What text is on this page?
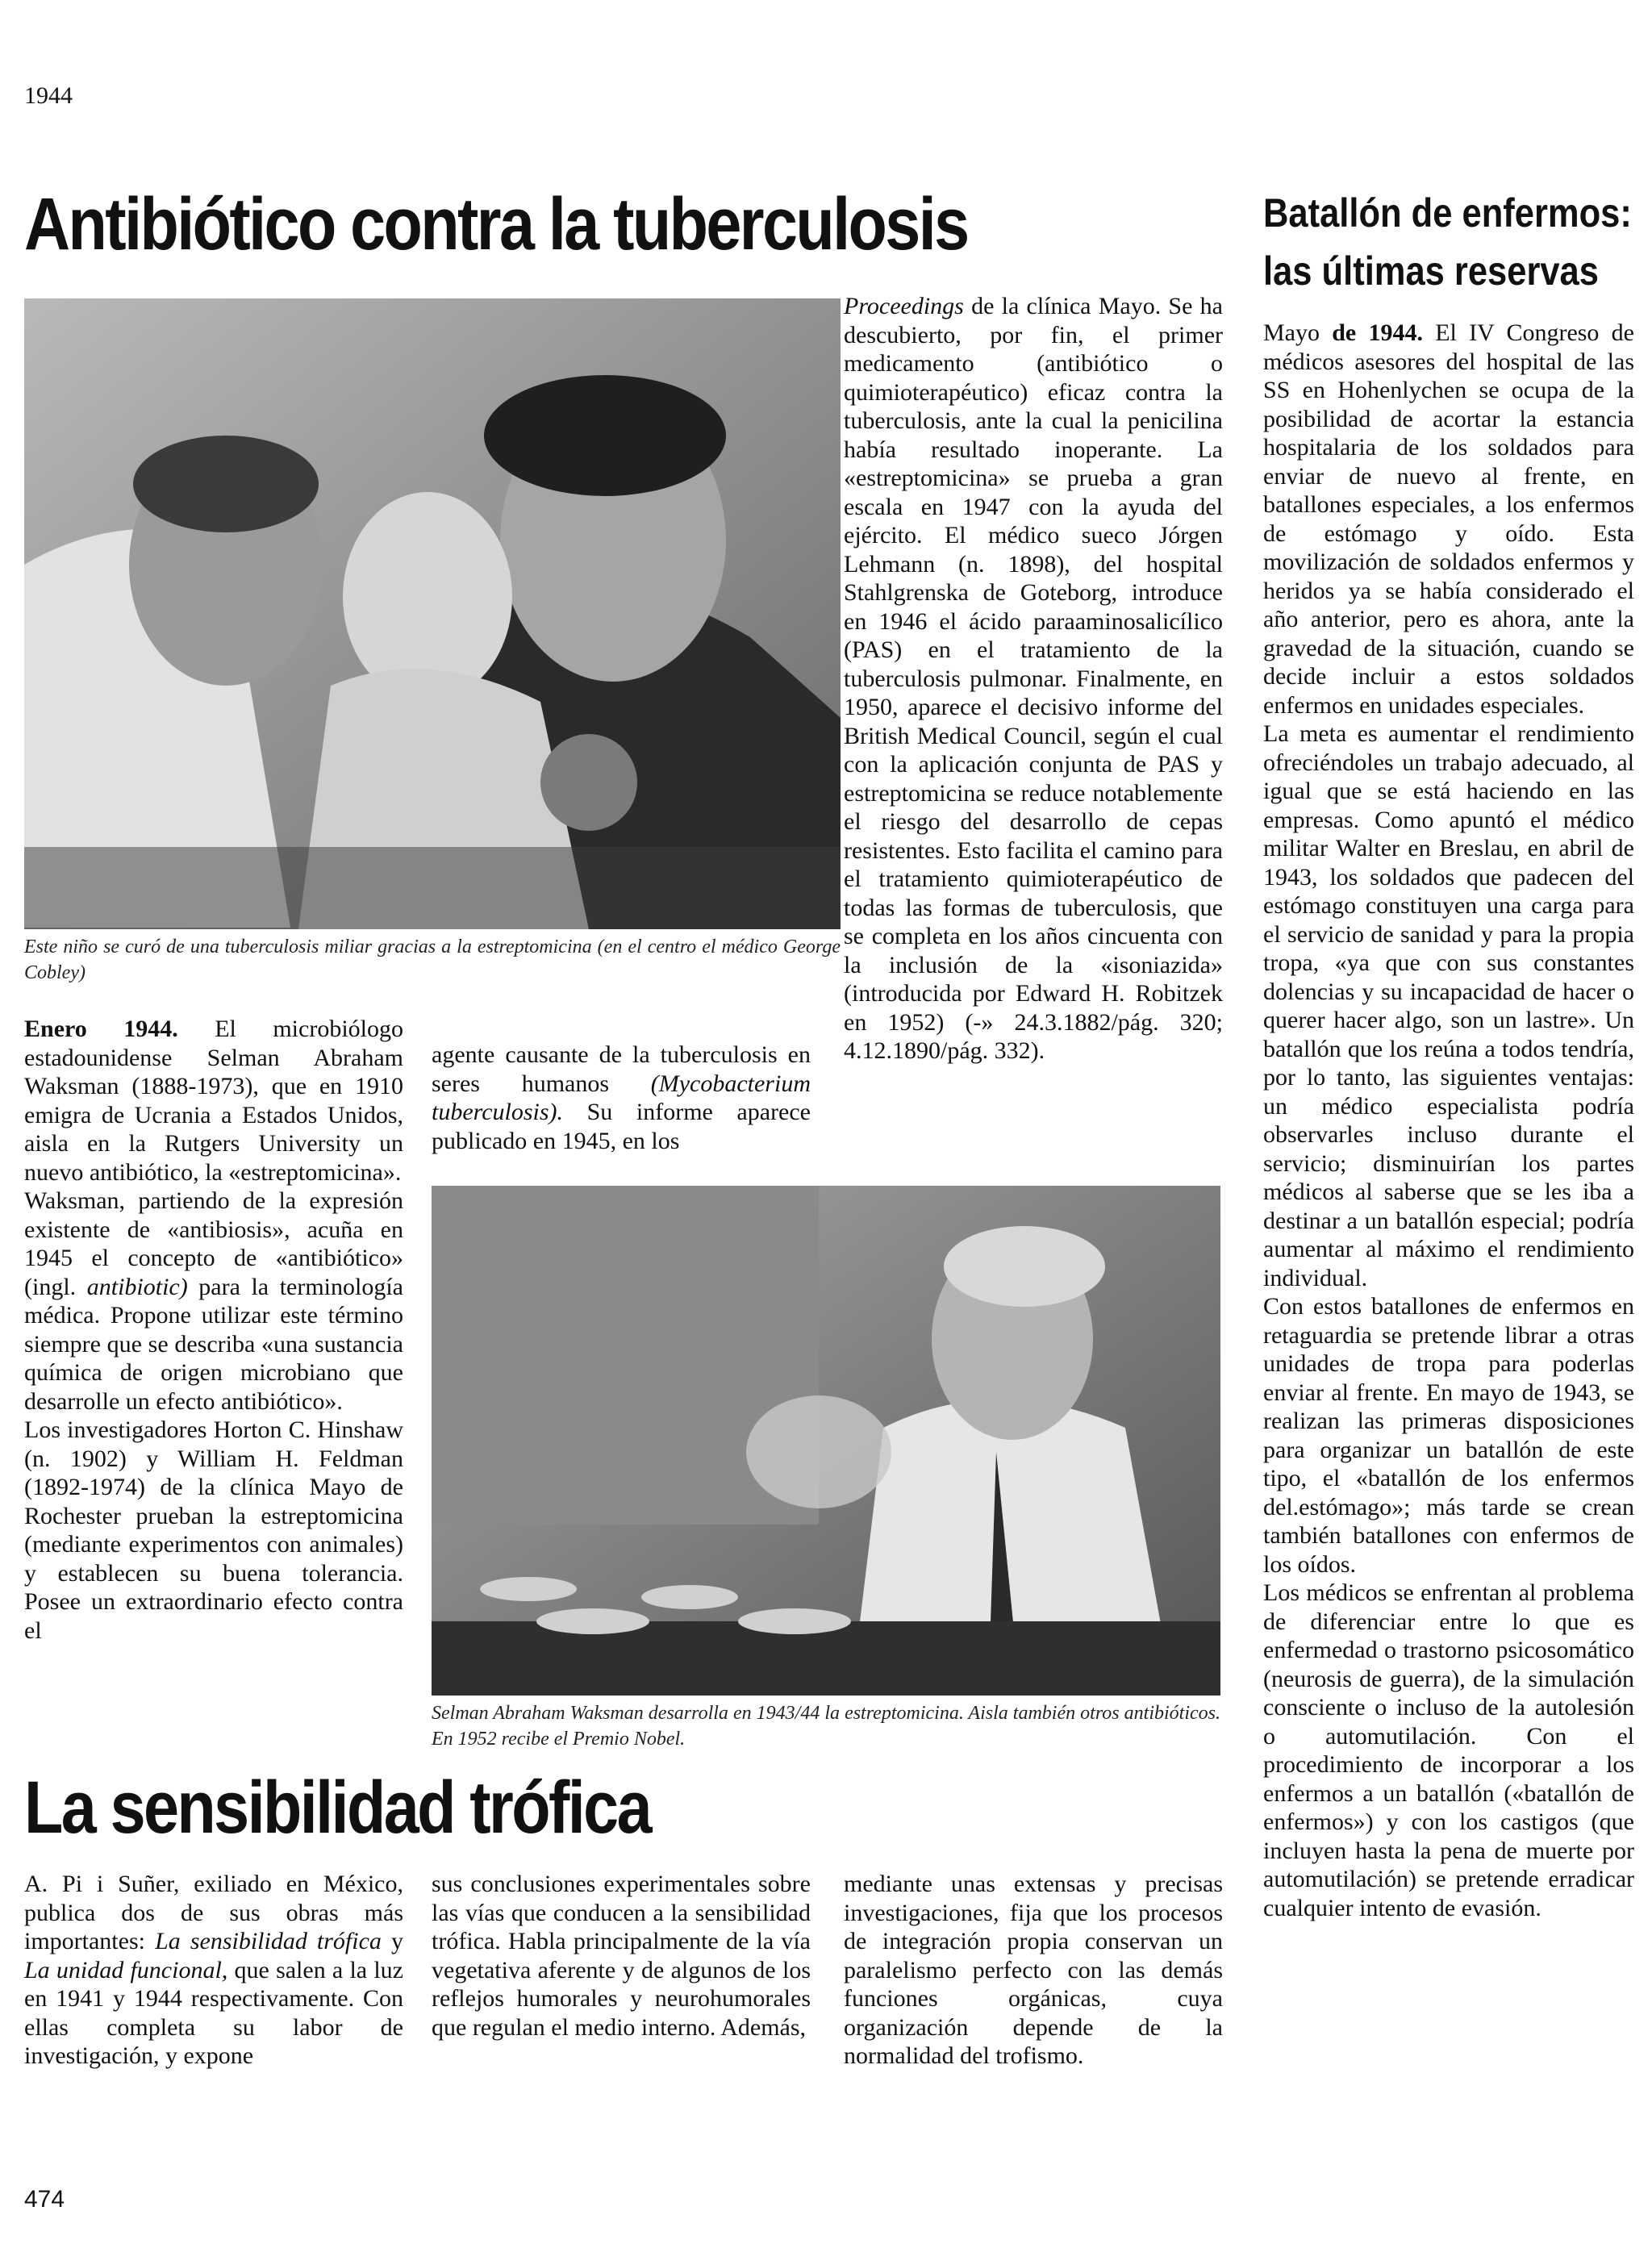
1944
Antibiótico contra la tuberculosis	Batallón de enfermos:
las últimas reservas
Este niño se curó de una tuberculosis miliar gracias a la estreptomicina (en el centro el médico George Cobley)

Enero 1944. El microbiólogo estadounidense Selman Abraham Waksman (1888-1973), que en 1910 emigra de Ucrania a Estados Unidos, aisla en la Rutgers University un nuevo antibiótico, la «estreptomicina».

Waksman, partiendo de la expresión existente de «antibiosis», acuña en 1945 el concepto de «antibiótico» (ingl. antibiotic) para la terminología médica. Propone utilizar este término siempre que se describa «una sustancia química de origen microbiano que desarrolle un efecto antibiótico».

Los investigadores Horton C. Hinshaw (n. 1902) y William H. Feldman (1892-1974) de la clínica Mayo de Rochester prueban la estreptomicina (mediante experimentos con animales) y establecen su buena tolerancia. Posee un extraordinario efecto contra el

agente causante de la tuberculosis en seres humanos (Mycobacterium tuberculosis). Su informe aparece publicado en 1945, en los

Proceedings de la clínica Mayo. Se ha descubierto, por fin, el primer medicamento (antibiótico o quimioterapéutico) eficaz contra la tuberculosis, ante la cual la penicilina había resultado inoperante. La «estreptomicina» se prueba a gran escala en 1947 con la ayuda del ejército. El médico sueco Jórgen Lehmann (n. 1898), del hospital Stahlgrenska de Goteborg, introduce en 1946 el ácido paraaminosalicílico (PAS) en el tratamiento de la tuberculosis pulmonar. Finalmente, en 1950, aparece el decisivo informe del British Medical Council, según el cual con la aplicación conjunta de PAS y estreptomicina se reduce notablemente el riesgo del desarrollo de cepas resistentes. Esto facilita el camino para el tratamiento quimioterapéutico de todas las formas de tuberculosis, que se completa en los años cincuenta con la inclusión de la «isoniazida» (introducida por Edward H. Robitzek en 1952) (-» 24.3.1882/pág. 320; 4.12.1890/pág. 332).

Selman Abraham Waksman desarrolla en 1943/44 la estreptomicina. Aisla también otros antibióticos. En 1952 recibe el Premio Nobel.

Mayo de 1944. El IV Congreso de médicos asesores del hospital de las SS en Hohenlychen se ocupa de la posibilidad de acortar la estancia hospitalaria de los soldados para enviar de nuevo al frente, en batallones especiales, a los enfermos de estómago y oído. Esta movilización de soldados enfermos y heridos ya se había considerado el año anterior, pero es ahora, ante la gravedad de la situación, cuando se decide incluir a estos soldados enfermos en unidades especiales.

La meta es aumentar el rendimiento ofreciéndoles un trabajo adecuado, al igual que se está haciendo en las empresas. Como apuntó el médico militar Walter en Breslau, en abril de 1943, los soldados que padecen del estómago constituyen una carga para el servicio de sanidad y para la propia tropa, «ya que con sus constantes dolencias y su incapacidad de hacer o querer hacer algo, son un lastre». Un batallón que los reúna a todos tendría, por lo tanto, las siguientes ventajas: un médico especialista podría observarles incluso durante el servicio; disminuirían los partes médicos al saberse que se les iba a destinar a un batallón especial; podría aumentar al máximo el rendimiento individual.

Con estos batallones de enfermos en retaguardia se pretende librar a otras unidades de tropa para poderlas enviar al frente. En mayo de 1943, se realizan las primeras disposiciones para organizar un batallón de este tipo, el «batallón de los enfermos del.estómago»; más tarde se crean también batallones con enfermos de los oídos.

Los médicos se enfrentan al problema de diferenciar entre lo que es enfermedad o trastorno psicosomático (neurosis de guerra), de la simulación consciente o incluso de la autolesión o automutilación. Con el procedimiento de incorporar a los enfermos a un batallón («batallón de enfermos») y con los castigos (que incluyen hasta la pena de muerte por automutilación) se pretende erradicar cualquier intento de evasión.

La sensibilidad trófica

A. Pi i Suñer, exiliado en México, publica dos de sus obras más importantes: La sensibilidad trófica y La unidad funcional, que salen a la luz en 1941 y 1944 respectivamente. Con ellas completa su labor de investigación, y expone

sus conclusiones experimentales sobre las vías que conducen a la sensibilidad trófica. Habla principalmente de la vía vegetativa aferente y de algunos de los reflejos humorales y neurohumorales que regulan el medio interno. Además,

mediante unas extensas y precisas investigaciones, fija que los procesos de integración propia conservan un paralelismo perfecto con las demás funciones orgánicas, cuya organización depende de la normalidad del trofismo.

474
